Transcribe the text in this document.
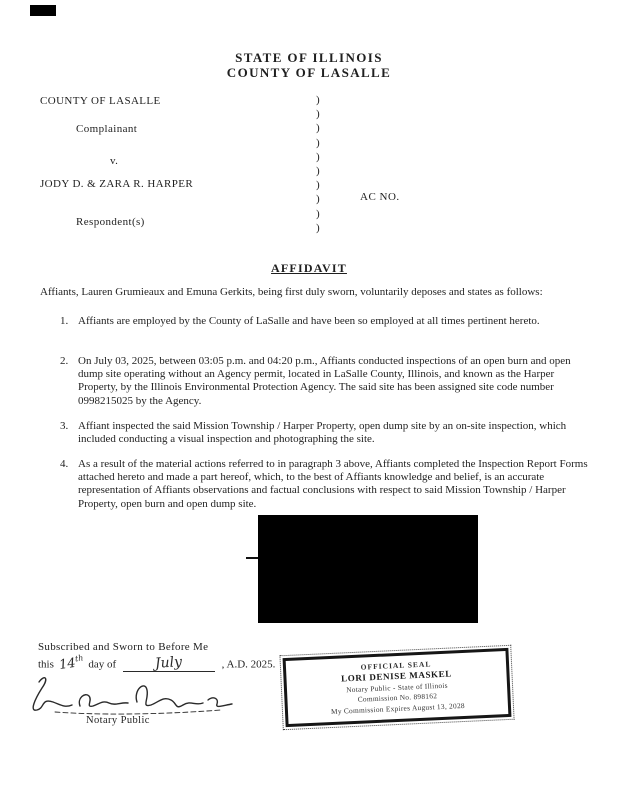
STATE OF ILLINOIS
COUNTY OF LASALLE
COUNTY OF LASALLE
Complainant
v.
JODY D. & ZARA R. HARPER
Respondent(s)
)
)
)
)
)
)
)
)
)
)
AC NO.
AFFIDAVIT
Affiants, Lauren Grumieaux and Emuna Gerkits, being first duly sworn, voluntarily deposes and states as follows:
1. Affiants are employed by the County of LaSalle and have been so employed at all times pertinent hereto.
2. On July 03, 2025, between 03:05 p.m. and 04:20 p.m., Affiants conducted inspections of an open burn and open dump site operating without an Agency permit, located in LaSalle County, Illinois, and known as the Harper Property, by the Illinois Environmental Protection Agency. The said site has been assigned site code number 0998215025 by the Agency.
3. Affiant inspected the said Mission Township / Harper Property, open dump site by an on-site inspection, which included conducting a visual inspection and photographing the site.
4. As a result of the material actions referred to in paragraph 3 above, Affiants completed the Inspection Report Forms attached hereto and made a part hereof, which, to the best of Affiants knowledge and belief, is an accurate representation of Affiants observations and factual conclusions with respect to said Mission Township / Harper Property, open burn and open dump site.
Subscribed and Sworn to Before Me
this 14th day of	July	, A.D. 2025.
Notary Public
OFFICIAL SEAL
LORI DENISE MASKEL
Notary Public - State of Illinois
Commission No. 898162
My Commission Expires August 13, 2028
